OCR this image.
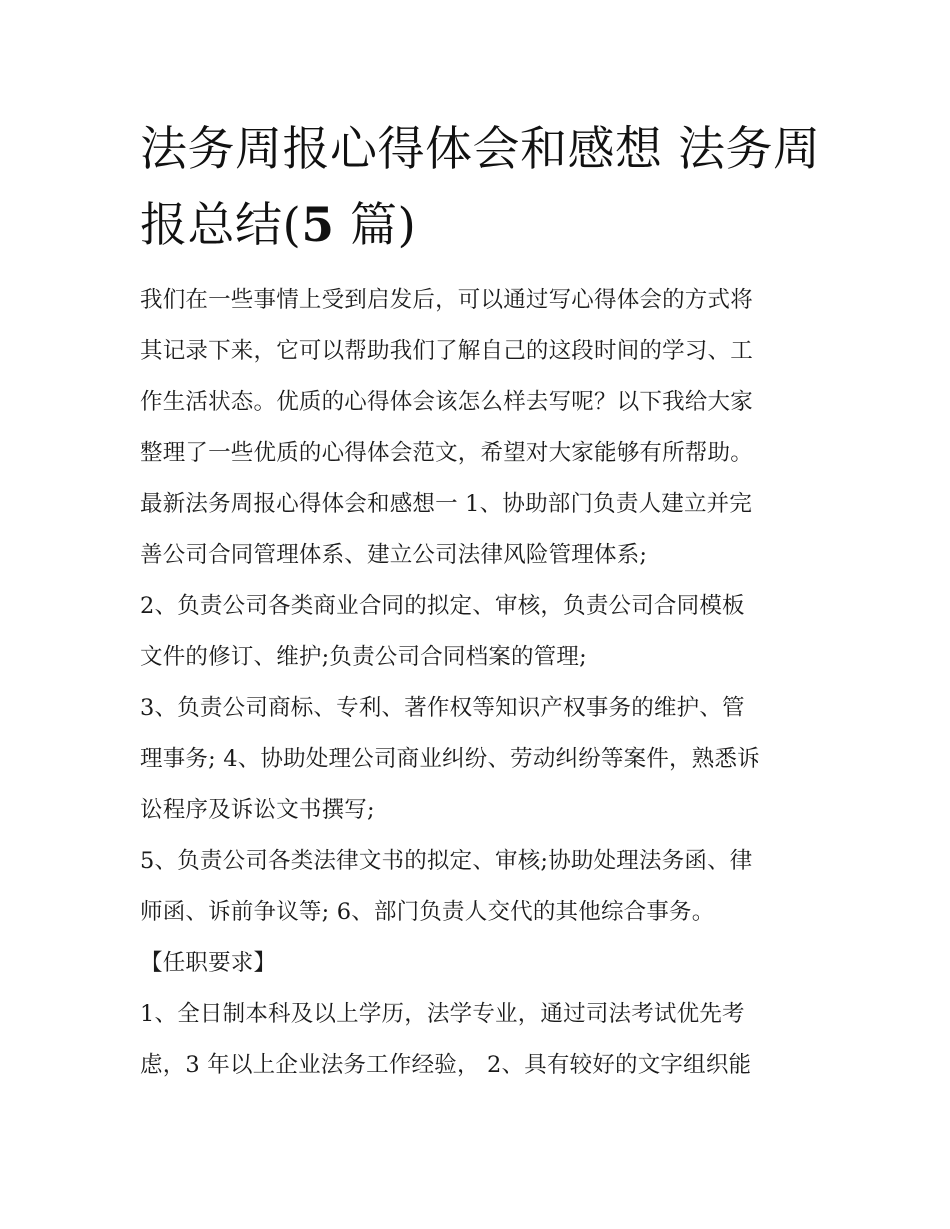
法务周报心得体会和感想 法务周报总结(5 篇)
我们在一些事情上受到启发后，可以通过写心得体会的方式将
其记录下来，它可以帮助我们了解自己的这段时间的学习、工
作生活状态。优质的心得体会该怎么样去写呢？以下我给大家
整理了一些优质的心得体会范文，希望对大家能够有所帮助。
最新法务周报心得体会和感想一 1、协助部门负责人建立并完
善公司合同管理体系、建立公司法律风险管理体系;
2、负责公司各类商业合同的拟定、审核，负责公司合同模板
文件的修订、维护;负责公司合同档案的管理;
3、负责公司商标、专利、著作权等知识产权事务的维护、管
理事务; 4、协助处理公司商业纠纷、劳动纠纷等案件，熟悉诉
讼程序及诉讼文书撰写;
5、负责公司各类法律文书的拟定、审核;协助处理法务函、律
师函、诉前争议等; 6、部门负责人交代的其他综合事务。
【任职要求】
1、全日制本科及以上学历，法学专业，通过司法考试优先考
虑，3 年以上企业法务工作经验， 2、具有较好的文字组织能
